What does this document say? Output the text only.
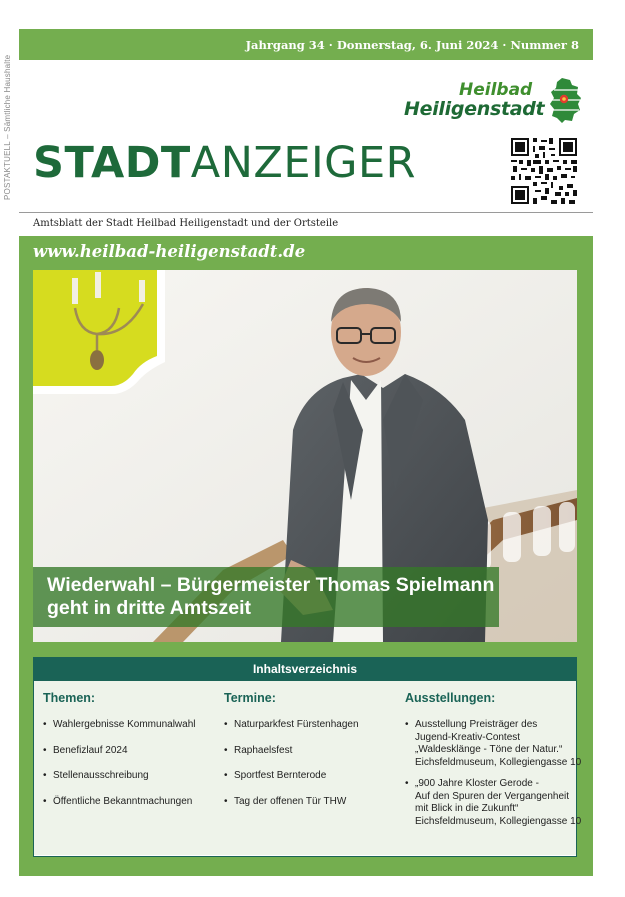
POSTAKTUELL – Sämtliche Haushalte
Jahrgang 34 · Donnerstag, 6. Juni 2024 · Nummer 8
Heilbad
Heiligenstadt
STADTANZEIGER
Amtsblatt der Stadt Heilbad Heiligenstadt und der Ortsteile
www.heilbad-heiligenstadt.de
Wiederwahl – Bürgermeister Thomas Spielmann
geht in dritte Amtszeit
Inhaltsverzeichnis
Themen:
• Wahlergebnisse Kommunalwahl
• Benefizlauf 2024
• Stellenausschreibung
• Öffentliche Bekanntmachungen
Termine:
• Naturparkfest Fürstenhagen
• Raphaelsfest
• Sportfest Bernterode
• Tag der offenen Tür THW
Ausstellungen:
• Ausstellung Preisträger des
Jugend-Kreativ-Contest
„Waldesklänge - Töne der Natur.“
Eichsfeldmuseum, Kollegiengasse 10
• „900 Jahre Kloster Gerode -
Auf den Spuren der Vergangenheit
mit Blick in die Zukunft“
Eichsfeldmuseum, Kollegiengasse 10
